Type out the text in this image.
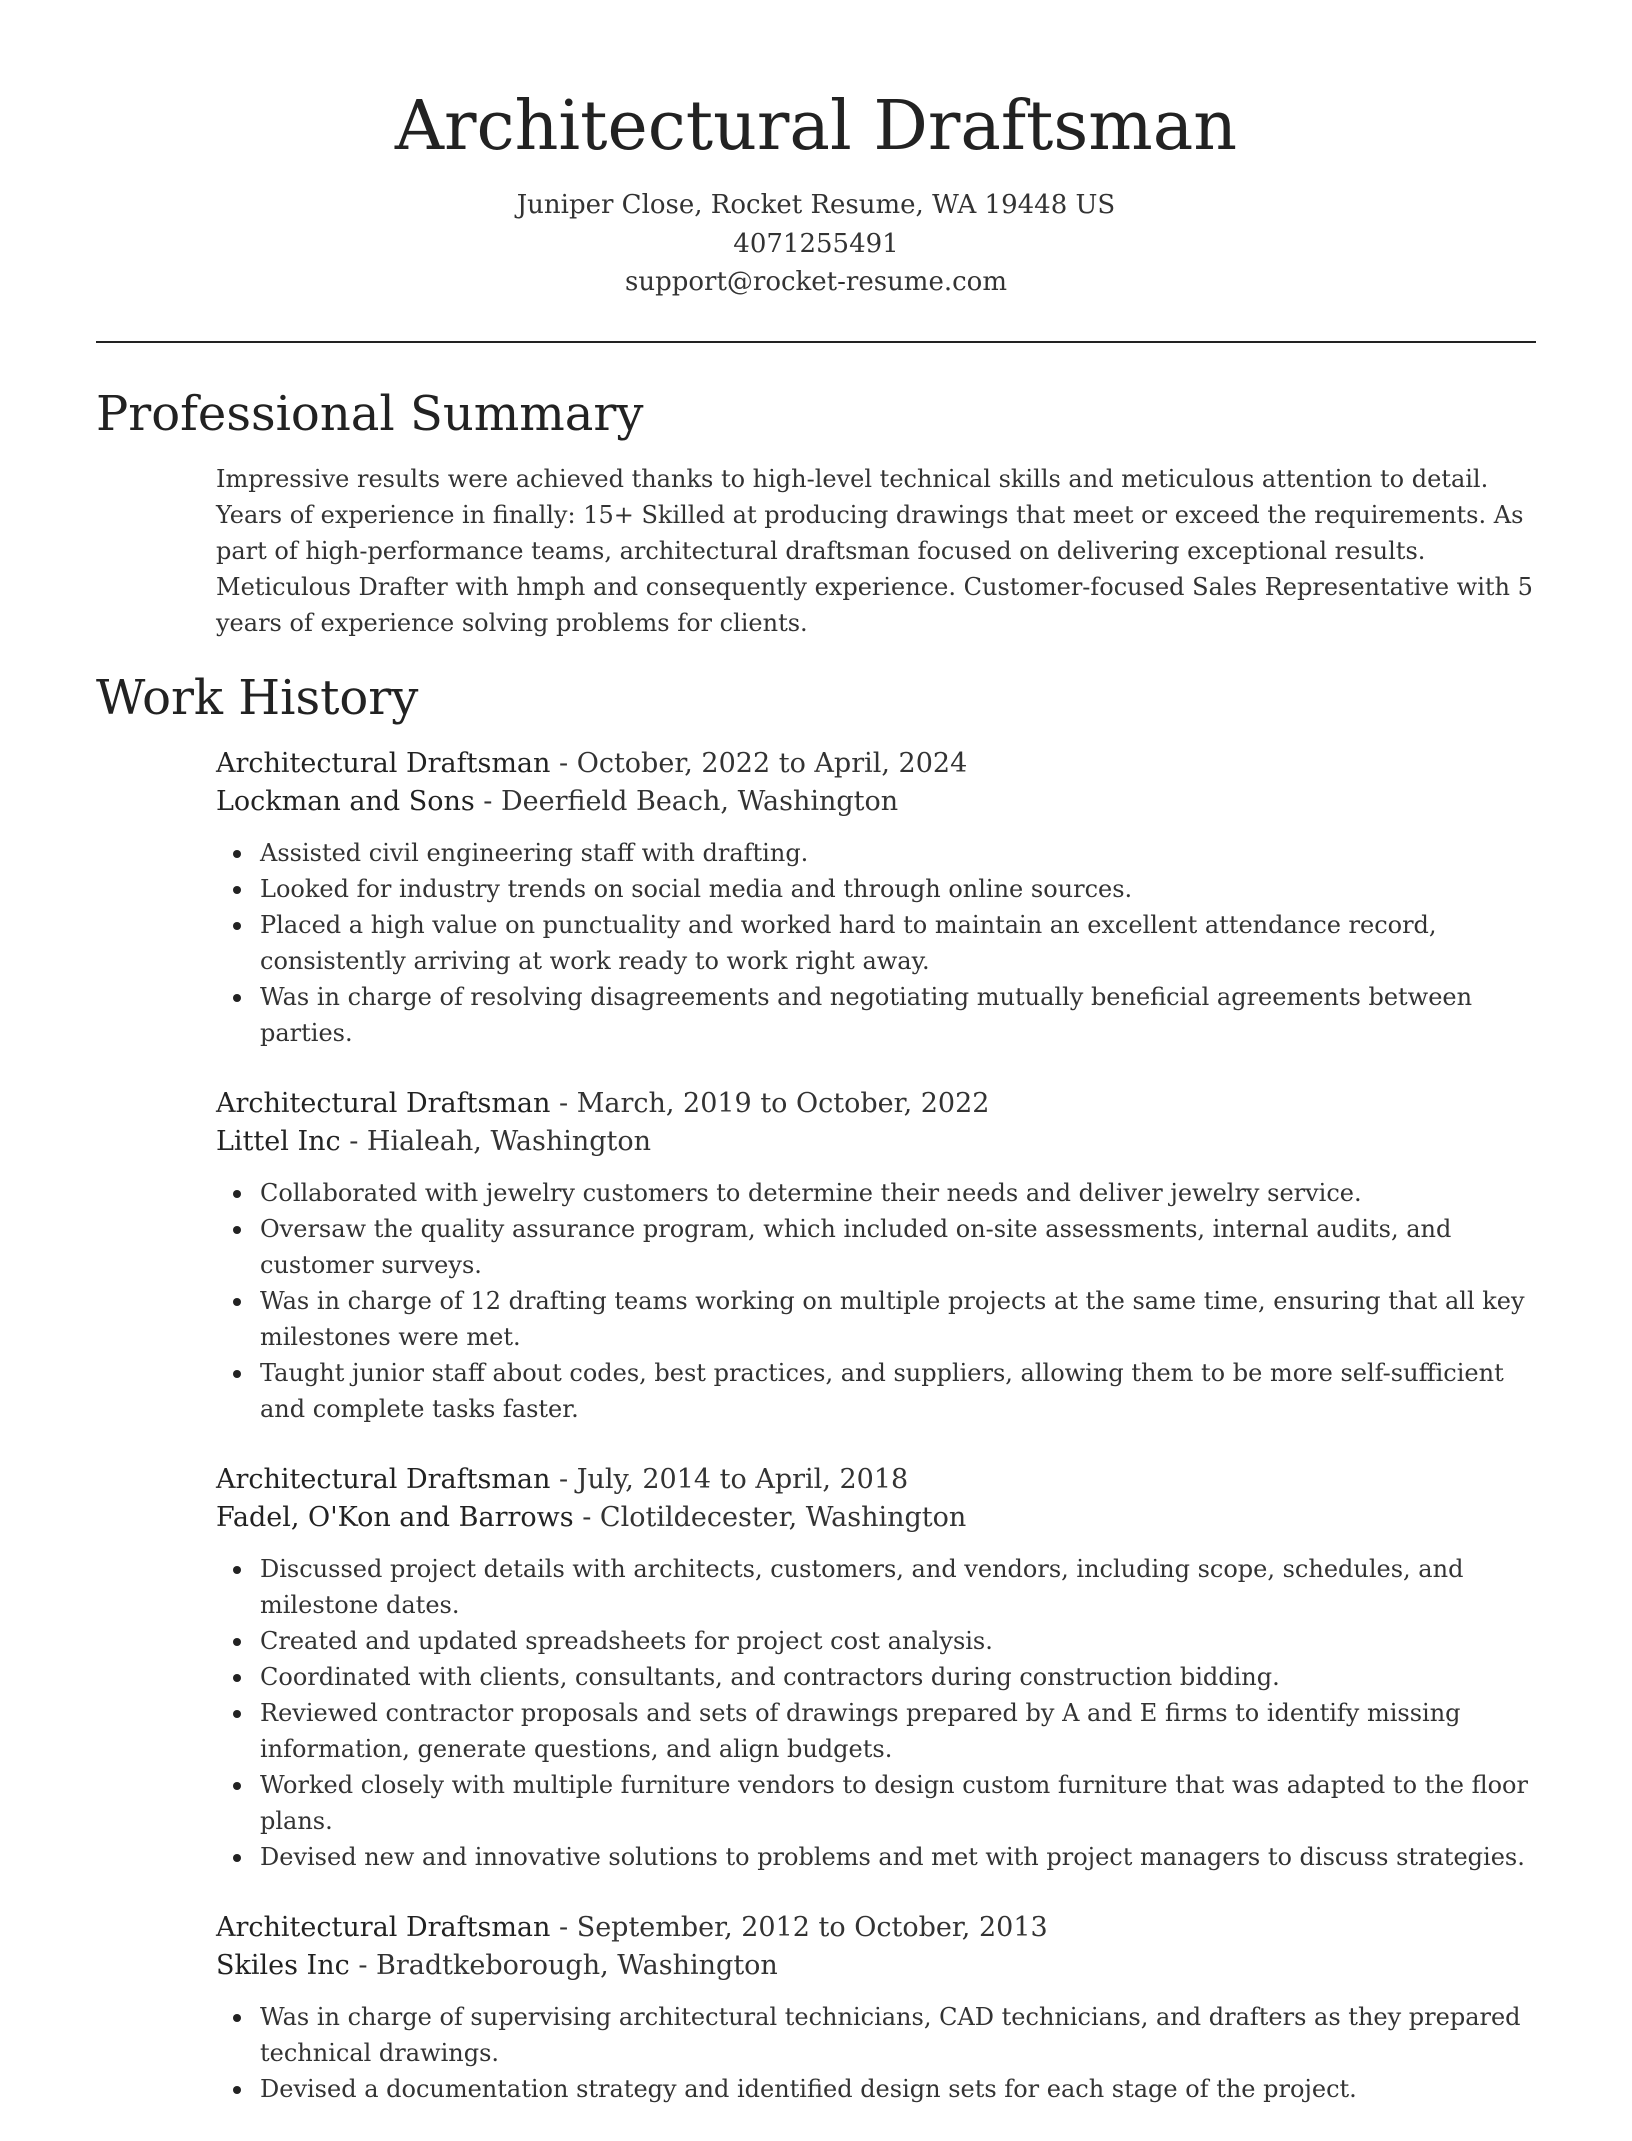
Architectural Draftsman
Juniper Close, Rocket Resume, WA 19448 US
4071255491
support@rocket-resume.com
Professional Summary

Impressive results were achieved thanks to high-level technical skills and meticulous attention to detail. Years of experience in finally: 15+ Skilled at producing drawings that meet or exceed the requirements. As part of high-performance teams, architectural draftsman focused on delivering exceptional results. Meticulous Drafter with hmph and consequently experience. Customer-focused Sales Representative with 5 years of experience solving problems for clients.

Work History
Architectural Draftsman - October, 2022 to April, 2024
Lockman and Sons - Deerfield Beach, Washington
Assisted civil engineering staff with drafting.
Looked for industry trends on social media and through online sources.
Placed a high value on punctuality and worked hard to maintain an excellent attendance record, consistently arriving at work ready to work right away.
Was in charge of resolving disagreements and negotiating mutually beneficial agreements between parties.
Architectural Draftsman - March, 2019 to October, 2022
Littel Inc - Hialeah, Washington
Collaborated with jewelry customers to determine their needs and deliver jewelry service.
Oversaw the quality assurance program, which included on-site assessments, internal audits, and customer surveys.
Was in charge of 12 drafting teams working on multiple projects at the same time, ensuring that all key milestones were met.
Taught junior staff about codes, best practices, and suppliers, allowing them to be more self-sufficient and complete tasks faster.
Architectural Draftsman - July, 2014 to April, 2018
Fadel, O'Kon and Barrows - Clotildecester, Washington
Discussed project details with architects, customers, and vendors, including scope, schedules, and milestone dates.
Created and updated spreadsheets for project cost analysis.
Coordinated with clients, consultants, and contractors during construction bidding.
Reviewed contractor proposals and sets of drawings prepared by A and E firms to identify missing information, generate questions, and align budgets.
Worked closely with multiple furniture vendors to design custom furniture that was adapted to the floor plans.
Devised new and innovative solutions to problems and met with project managers to discuss strategies.
Architectural Draftsman - September, 2012 to October, 2013
Skiles Inc - Bradtkeborough, Washington
Was in charge of supervising architectural technicians, CAD technicians, and drafters as they prepared technical drawings.
Devised a documentation strategy and identified design sets for each stage of the project.
